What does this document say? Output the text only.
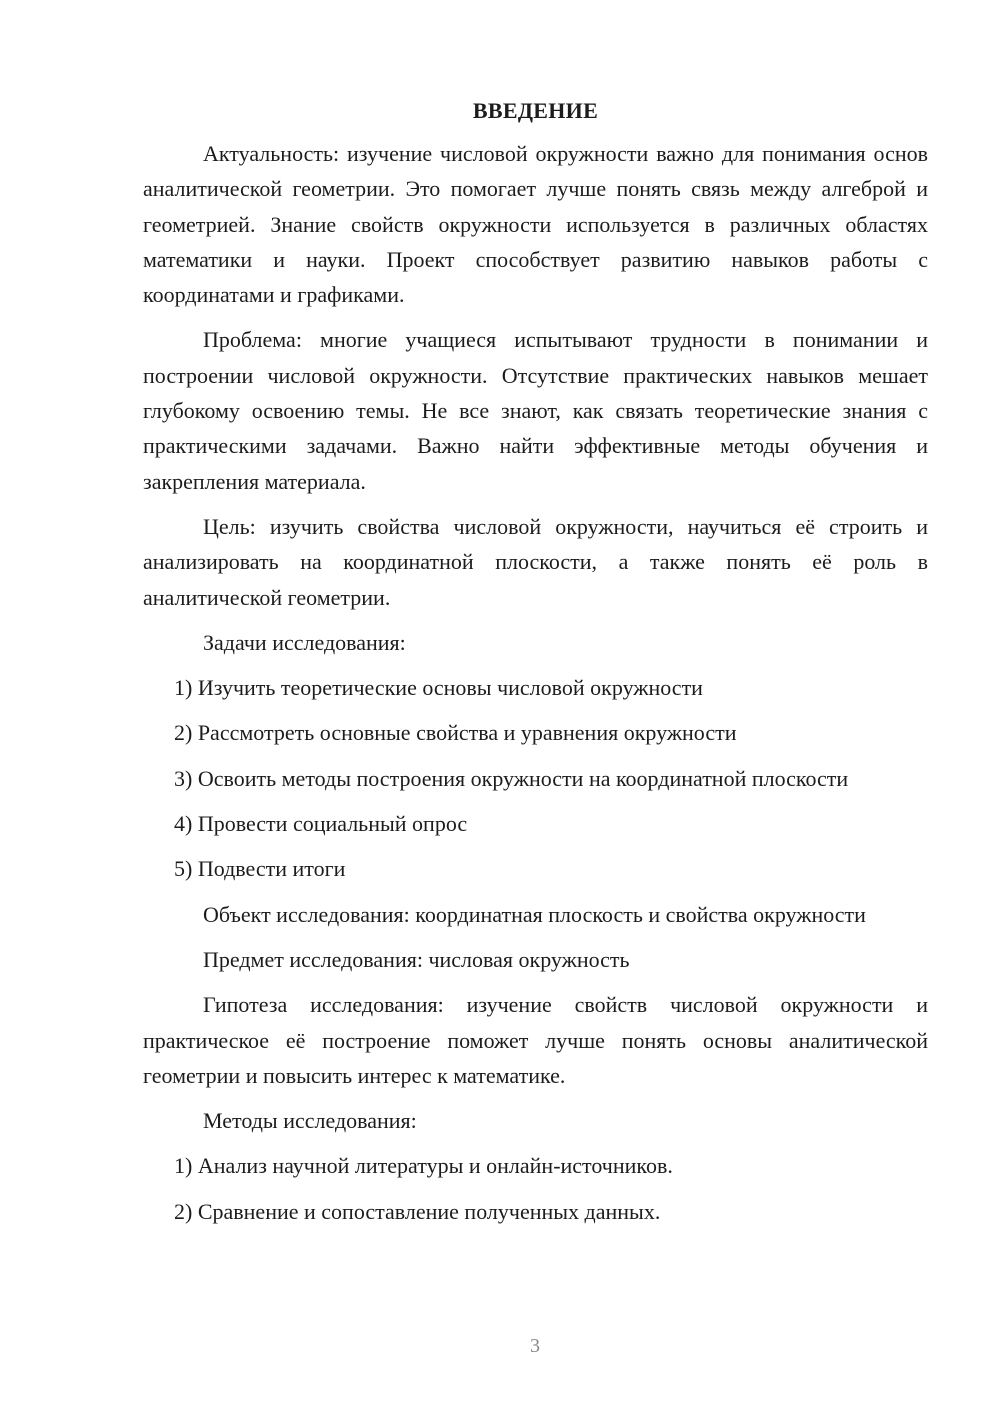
ВВЕДЕНИЕ

Актуальность: изучение числовой окружности важно для понимания основ аналитической геометрии. Это помогает лучше понять связь между алгеброй и геометрией. Знание свойств окружности используется в различных областях математики и науки. Проект способствует развитию навыков работы с координатами и графиками.

Проблема: многие учащиеся испытывают трудности в понимании и построении числовой окружности. Отсутствие практических навыков мешает глубокому освоению темы. Не все знают, как связать теоретические знания с практическими задачами. Важно найти эффективные методы обучения и закрепления материала.

Цель: изучить свойства числовой окружности, научиться её строить и анализировать на координатной плоскости, а также понять её роль в аналитической геометрии.

Задачи исследования:

1) Изучить теоретические основы числовой окружности

2) Рассмотреть основные свойства и уравнения окружности

3) Освоить методы построения окружности на координатной плоскости

4) Провести социальный опрос

5) Подвести итоги

Объект исследования: координатная плоскость и свойства окружности

Предмет исследования: числовая окружность

Гипотеза исследования: изучение свойств числовой окружности и практическое её построение поможет лучше понять основы аналитической геометрии и повысить интерес к математике.

Методы исследования:

1) Анализ научной литературы и онлайн-источников.

2) Сравнение и сопоставление полученных данных.

3
